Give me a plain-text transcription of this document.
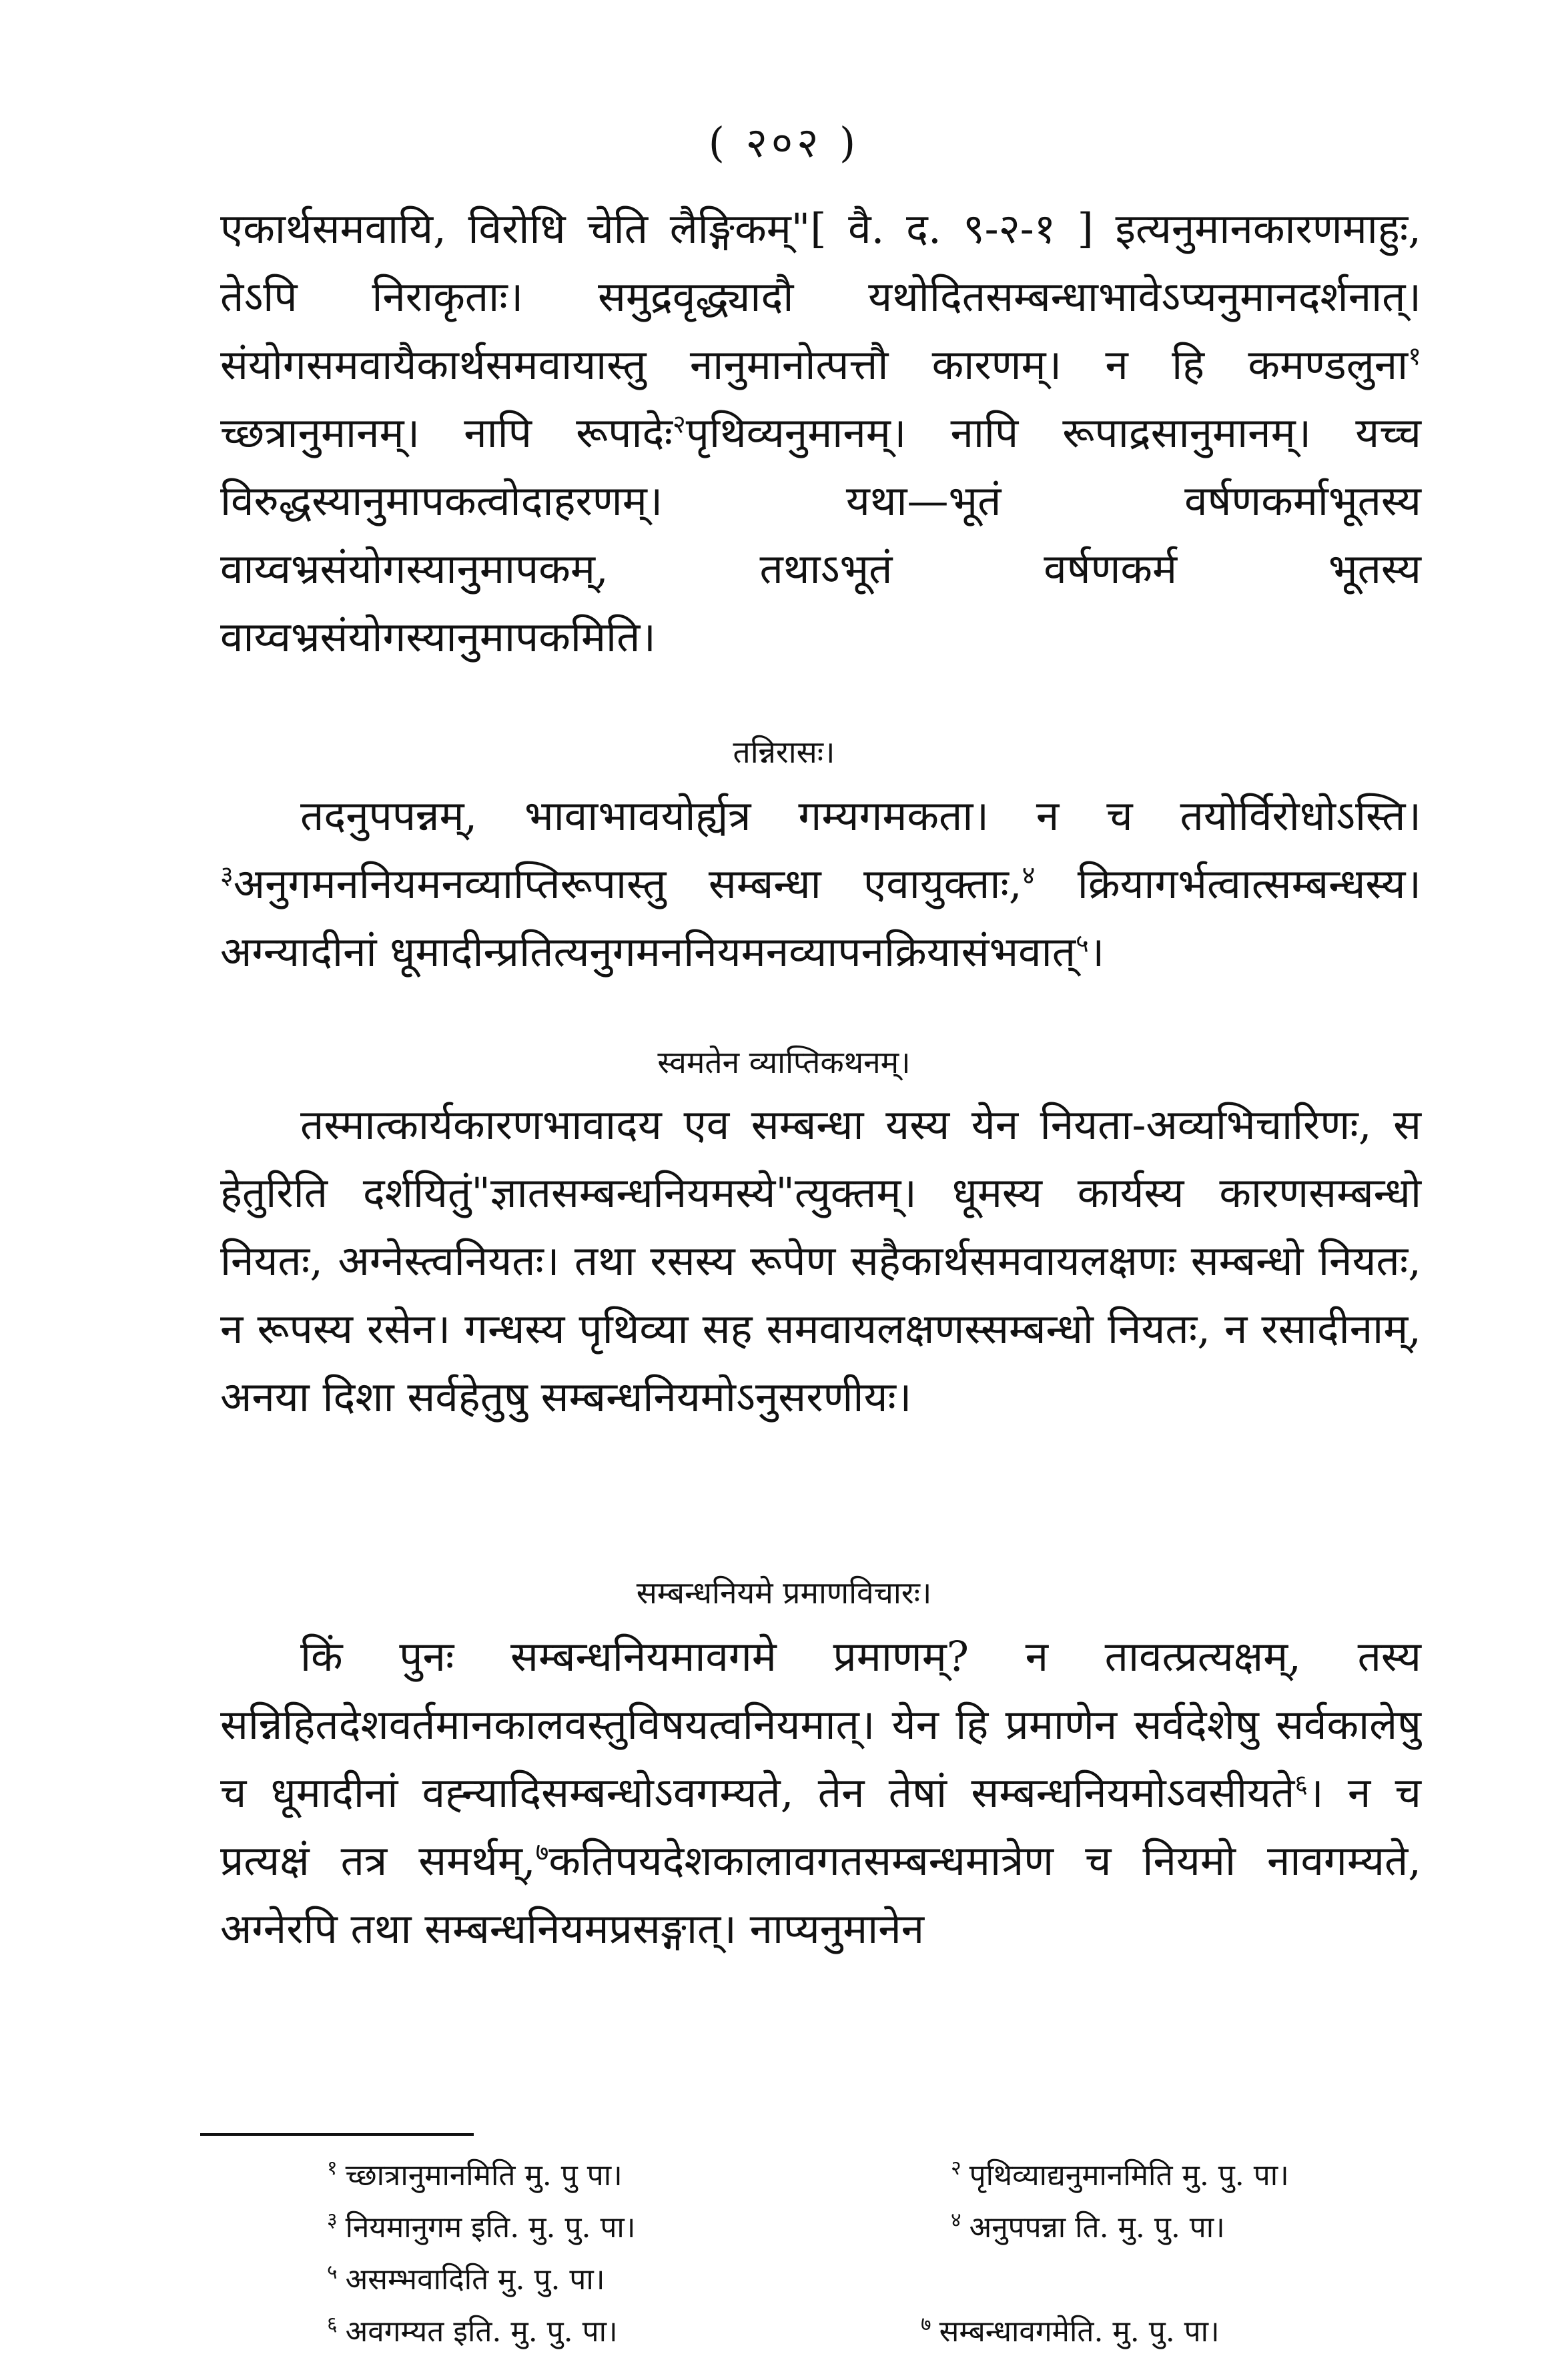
( २०२ )
एकार्थसमवायि, विरोधि चेति लैङ्गिकम्"[ वै. द. ९-२-१ ] इत्यनुमानकारणमाहुः, तेऽपि निराकृताः। समुद्रवृद्ध्यादौ यथोदितसम्बन्धाभावेऽप्यनुमानदर्शनात्। संयोगसमवायैकार्थसमवायास्तु नानुमानोत्पत्तौ कारणम्। न हि कमण्डलुना$^१$ च्छत्रानुमानम्। नापि रूपादेः$^२$पृथिव्यनुमानम्। नापि रूपाद्रसानुमानम्। यच्च विरुद्धस्यानुमापकत्वोदाहरणम्। यथा—भूतं वर्षणकर्माभूतस्य वाय्वभ्रसंयोगस्यानुमापकम्, तथाऽभूतं वर्षणकर्म भूतस्य वाय्वभ्रसंयोगस्यानुमापकमिति।
तन्निरासः।
तदनुपपन्नम्, भावाभावयोर्ह्यत्र गम्यगमकता। न च तयोर्विरोधोऽस्ति।$^३$अनुगमननियमनव्याप्तिरूपास्तु सम्बन्धा एवायुक्ताः,$^४$ क्रियागर्भत्वात्सम्बन्धस्य। अग्न्यादीनां धूमादीन्प्रतित्यनुगमननियमनव्यापनक्रियासंभवात्$^५$।
स्वमतेन व्याप्तिकथनम्।
तस्मात्कार्यकारणभावादय एव सम्बन्धा यस्य येन नियता-अव्यभिचारिणः, स हेतुरिति दर्शयितुं"ज्ञातसम्बन्धनियमस्ये"त्युक्तम्। धूमस्य कार्यस्य कारणसम्बन्धो नियतः, अग्नेस्त्वनियतः। तथा रसस्य रूपेण सहैकार्थसमवायलक्षणः सम्बन्धो नियतः, न रूपस्य रसेन। गन्धस्य पृथिव्या सह समवायलक्षणस्सम्बन्धो नियतः, न रसादीनाम्, अनया दिशा सर्वहेतुषु सम्बन्धनियमोऽनुसरणीयः।
सम्बन्धनियमे प्रमाणविचारः।
किं पुनः सम्बन्धनियमावगमे प्रमाणम्? न तावत्प्रत्यक्षम्, तस्य सन्निहितदेशवर्तमानकालवस्तुविषयत्वनियमात्। येन हि प्रमाणेन सर्वदेशेषु सर्वकालेषु च धूमादीनां वह्न्यादिसम्बन्धोऽवगम्यते, तेन तेषां सम्बन्धनियमोऽवसीयते$^६$। न च प्रत्यक्षं तत्र समर्थम्,$^७$कतिपयदेशकालावगतसम्बन्धमात्रेण च नियमो नावगम्यते, अग्नेरपि तथा सम्बन्धनियमप्रसङ्गात्। नाप्यनुमानेन
$^१$ च्छात्रानुमानमिति मु. पु पा।	$^२$ पृथिव्याद्यनुमानमिति मु. पु. पा।
$^३$ नियमानुगम इति. मु. पु. पा।	$^४$ अनुपपन्ना ति. मु. पु. पा।
$^५$ असम्भवादिति मु. पु. पा।
$^६$ अवगम्यत इति. मु. पु. पा।	$^७$ सम्बन्धावगमेति. मु. पु. पा।
